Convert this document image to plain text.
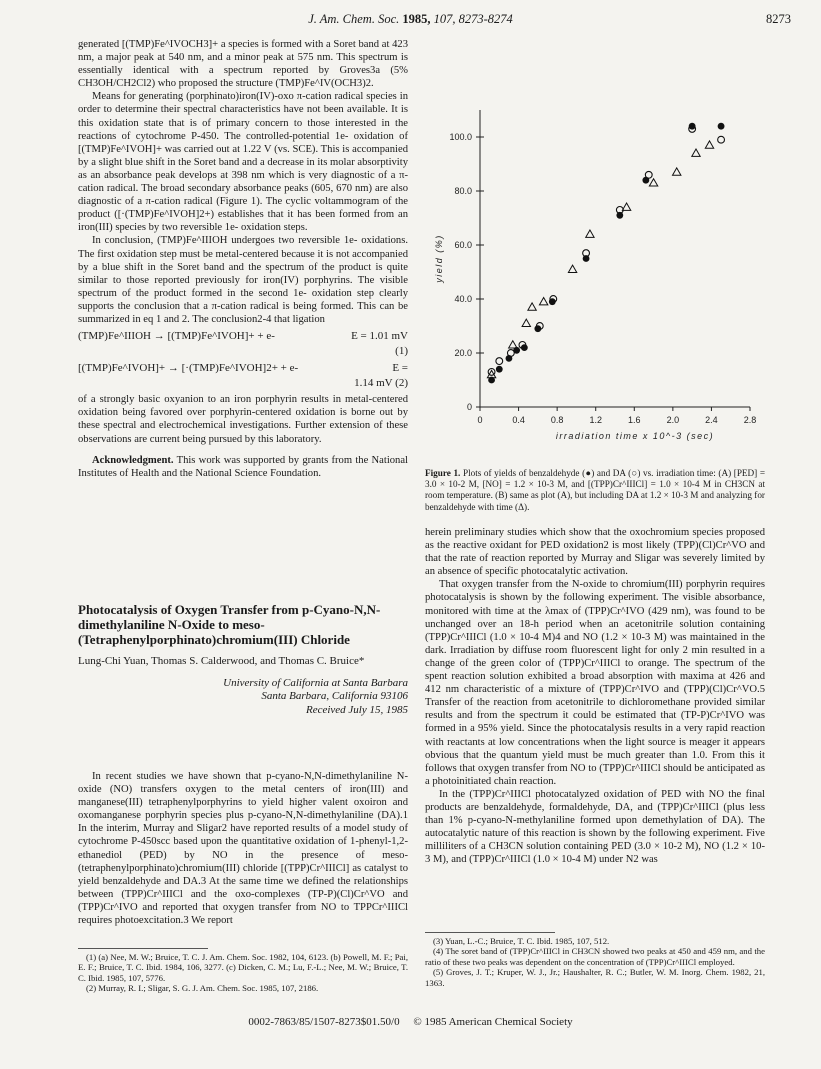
J. Am. Chem. Soc. 1985, 107, 8273-8274	8273

generated [(TMP)Fe^IVOCH3]+ a species is formed with a Soret band at 423 nm, a major peak at 540 nm, and a minor peak at 575 nm. This spectrum is essentially identical with a spectrum reported by Groves3a (5% CH3OH/CH2Cl2) who proposed the structure (TMP)Fe^IV(OCH3)2.

Means for generating (porphinato)iron(IV)-oxo π-cation radical species in order to determine their spectral characteristics have not been available. It is this oxidation state that is of primary concern to those interested in the reactions of cytochrome P-450. The controlled-potential 1e- oxidation of [(TMP)Fe^IVOH]+ was carried out at 1.22 V (vs. SCE). This is accompanied by a slight blue shift in the Soret band and a decrease in its molar absorptivity as an absorbance peak develops at 398 nm which is very diagnostic of a π-cation radical. The broad secondary absorbance peaks (605, 670 nm) are also diagnostic of a π-cation radical (Figure 1). The cyclic voltammogram of the product ([·(TMP)Fe^IVOH]2+) establishes that it has been formed from an iron(III) species by two reversible 1e- oxidation steps.

In conclusion, (TMP)Fe^IIIOH undergoes two reversible 1e- oxidations. The first oxidation step must be metal-centered because it is not accompanied by a blue shift in the Soret band and the spectrum of the product is quite similar to those reported previously for iron(IV) porphyrins. The visible spectrum of the product formed in the second 1e- oxidation step clearly supports the conclusion that a π-cation radical is being formed. This can be summarized in eq 1 and 2. The conclusion2-4 that ligation

(TMP)Fe^IIIOH → [(TMP)Fe^IVOH]+ + e-	E = 1.01 mV
(1)
[(TMP)Fe^IVOH]+ → [·(TMP)Fe^IVOH]2+ + e-	E =
1.14 mV (2)

of a strongly basic oxyanion to an iron porphyrin results in metal-centered oxidation being favored over porphyrin-centered oxidation is borne out by these spectral and electrochemical investigations. Further extension of these observations are current being pursued by this laboratory.

Acknowledgment. This work was supported by grants from the National Institutes of Health and the National Science Foundation.

Photocatalysis of Oxygen Transfer from p-Cyano-N,N-dimethylaniline N-Oxide to meso-(Tetraphenylporphinato)chromium(III) Chloride

Lung-Chi Yuan, Thomas S. Calderwood, and Thomas C. Bruice*
University of California at Santa Barbara
Santa Barbara, California 93106
Received July 15, 1985

In recent studies we have shown that p-cyano-N,N-dimethylaniline N-oxide (NO) transfers oxygen to the metal centers of iron(III) and manganese(III) tetraphenylporphyrins to yield higher valent oxoiron and oxomanganese porphyrin species plus p-cyano-N,N-dimethylaniline (DA).1 In the interim, Murray and Sligar2 have reported results of a model study of cytochrome P-450scc based upon the quantitative oxidation of 1-phenyl-1,2-ethanediol (PED) by NO in the presence of meso-(tetraphenylporphinato)chromium(III) chloride [(TPP)Cr^IIICl] as catalyst to yield benzaldehyde and DA.3 At the same time we defined the relationships between (TPP)Cr^IIICl and the oxo-complexes (TP-P)(Cl)Cr^VO and (TPP)Cr^IVO and reported that oxygen transfer from NO to TPPCr^IIICl requires photoexcitation.3 We report

(1) (a) Nee, M. W.; Bruice, T. C. J. Am. Chem. Soc. 1982, 104, 6123. (b) Powell, M. F.; Pai, E. F.; Bruice, T. C. Ibid. 1984, 106, 3277. (c) Dicken, C. M.; Lu, F.-L.; Nee, M. W.; Bruice, T. C. Ibid. 1985, 107, 5776.
(2) Murray, R. I.; Sligar, S. G. J. Am. Chem. Soc. 1985, 107, 2186.
0	0.4	0.8	1.2	1.6	2.0	2.4	2.8
0
20.0
40.0
60.0
80.0
100.0
irradiation time x 10^-3 (sec)
yield (%)
Figure 1. Plots of yields of benzaldehyde (●) and DA (○) vs. irradiation time: (A) [PED] = 3.0 × 10-2 M, [NO] = 1.2 × 10-3 M, and [(TPP)Cr^IIICl] = 1.0 × 10-4 M in CH3CN at room temperature. (B) same as plot (A), but including DA at 1.2 × 10-3 M and analyzing for benzaldehyde with time (Δ).

herein preliminary studies which show that the oxochromium species proposed as the reactive oxidant for PED oxidation2 is most likely (TPP)(Cl)Cr^VO and that the rate of reaction reported by Murray and Sligar was severely limited by an absence of specific photocatalytic activation.

That oxygen transfer from the N-oxide to chromium(III) porphyrin requires photocatalysis is shown by the following experiment. The visible absorbance, monitored with time at the λmax of (TPP)Cr^IVO (429 nm), was found to be unchanged over an 18-h period when an acetonitrile solution containing (TPP)Cr^IIICl (1.0 × 10-4 M)4 and NO (1.2 × 10-3 M) was maintained in the dark. Irradiation by diffuse room fluorescent light for only 2 min resulted in a change of the green color of (TPP)Cr^IIICl to orange. The spectrum of the spent reaction solution exhibited a broad absorption with maxima at 426 and 412 nm characteristic of a mixture of (TPP)Cr^IVO and (TPP)(Cl)Cr^VO.5 Transfer of the reaction from acetonitrile to dichloromethane provided similar results and from the spectrum it could be estimated that (TP-P)Cr^IVO was formed in a 95% yield. Since the photocatalysis results in a very rapid reaction with reactants at low concentrations when the light source is meager it appears obvious that the quantum yield must be much greater than 1.0. From this it follows that oxygen transfer from NO to (TPP)Cr^IIICl should be anticipated as a photoinitiated chain reaction.

In the (TPP)Cr^IIICl photocatalyzed oxidation of PED with NO the final products are benzaldehyde, formaldehyde, DA, and (TPP)Cr^IIICl (plus less than 1% p-cyano-N-methylaniline formed upon demethylation of DA). The autocatalytic nature of this reaction is shown by the following experiment. Five milliliters of a CH3CN solution containing PED (3.0 × 10-2 M), NO (1.2 × 10-3 M), and (TPP)Cr^IIICl (1.0 × 10-4 M) under N2 was

(3) Yuan, L.-C.; Bruice, T. C. Ibid. 1985, 107, 512.
(4) The soret band of (TPP)Cr^IIICl in CH3CN showed two peaks at 450 and 459 nm, and the ratio of these two peaks was dependent on the concentration of (TPP)Cr^IIICl employed.
(5) Groves, J. T.; Kruper, W. J., Jr.; Haushalter, R. C.; Butler, W. M. Inorg. Chem. 1982, 21, 1363.
0002-7863/85/1507-8273$01.50/0 © 1985 American Chemical Society
